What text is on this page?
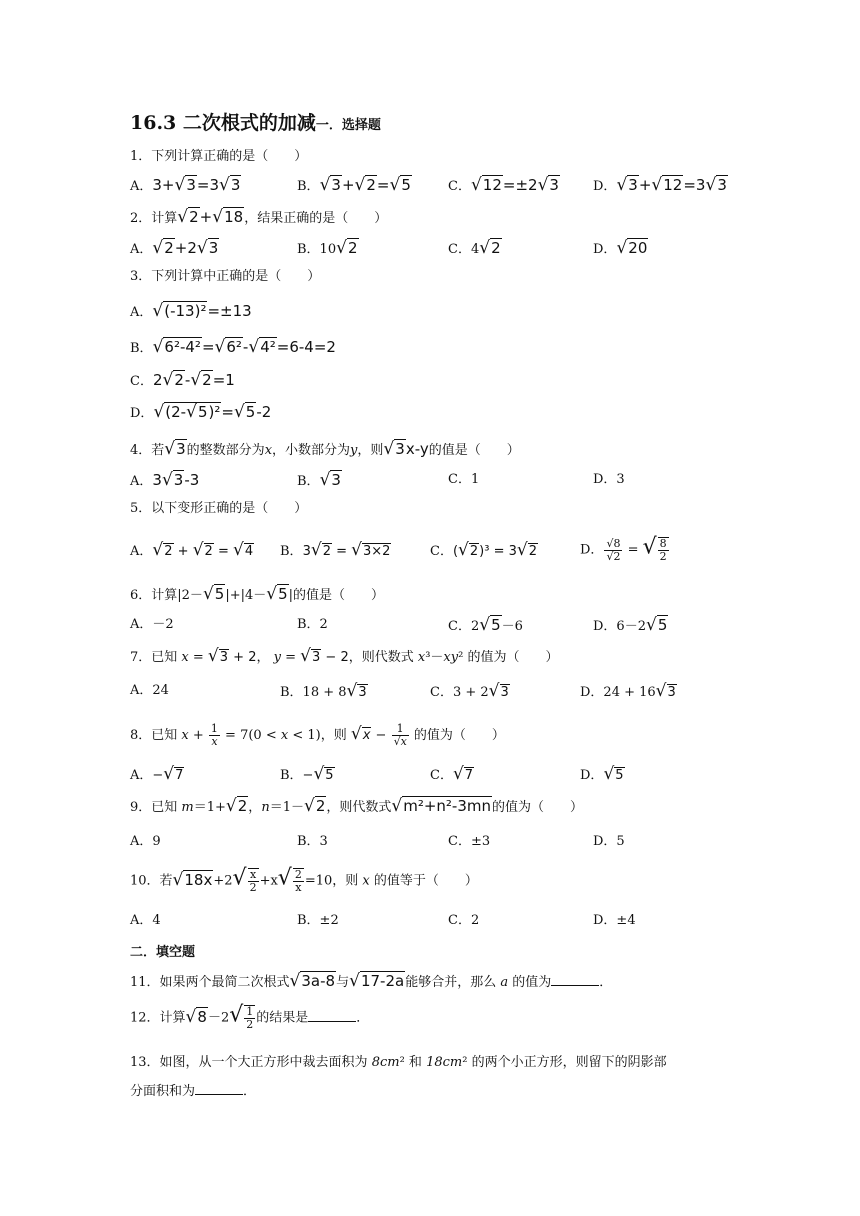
16.3 二次根式的加减一．选择题
1．下列计算正确的是（　　）
A．3+√3=3√3	B．√3+√2=√5	C．√12=±2√3	D．√3+√12=3√3
2．计算√2+√18，结果正确的是（　　）
A．√2+2√3	B．10√2	C．4√2	D．√20
3．下列计算中正确的是（　　）
A．√(-13)²=±13
B．√6²-4²=√6²-√4²=6-4=2
C．2√2-√2=1
D．√(2-√5)²=√5-2
4．若√3的整数部分为x，小数部分为y，则√3x-y的值是（　　）
A．3√3-3	B．√3	C．1	D．3
5．以下变形正确的是（　　）
A．√2 + √2 = √4 B．3√2 = √3×2	C．(√2)³ = 3√2	D． $\frac{√8}{√2}$ = √ $\frac{8}{2}$
6．计算|2－√5|+|4－√5|的值是（　　）
A．－2	B．2	C．2√5－6	D．6－2√5
7．已知 x = √3 + 2， y = √3 − 2，则代数式 x³－xy² 的值为（　　）
A．24	B．18 + 8√3	C．3 + 2√3	D．24 + 16√3
8．已知 $x + \frac{1}{x} = 7(0 < x < 1)$，则 $√x - \frac{1}{√x}$ 的值为（　　）
A．−√7	B．−√5	C．√7	D．√5
9．已知 m＝1+√2，n＝1－√2，则代数式√m²+n²-3mn的值为（　　）
A．9	B．3	C．±3	D．5
10．若$√18x+2√ \frac{x}{2} +x√ \frac{2}{x} =10$，则 x 的值等于（　　）
A．4	B．±2	C．2	D．±4
二．填空题
11．如果两个最简二次根式√3a-8与√17-2a能够合并，那么 a 的值为	．
12．计算$√8-2√ \frac{1}{2}$ 的结果是	．
13．如图，从一个大正方形中裁去面积为 8cm² 和 18cm² 的两个小正方形，则留下的阴影部
分面积和为	．
